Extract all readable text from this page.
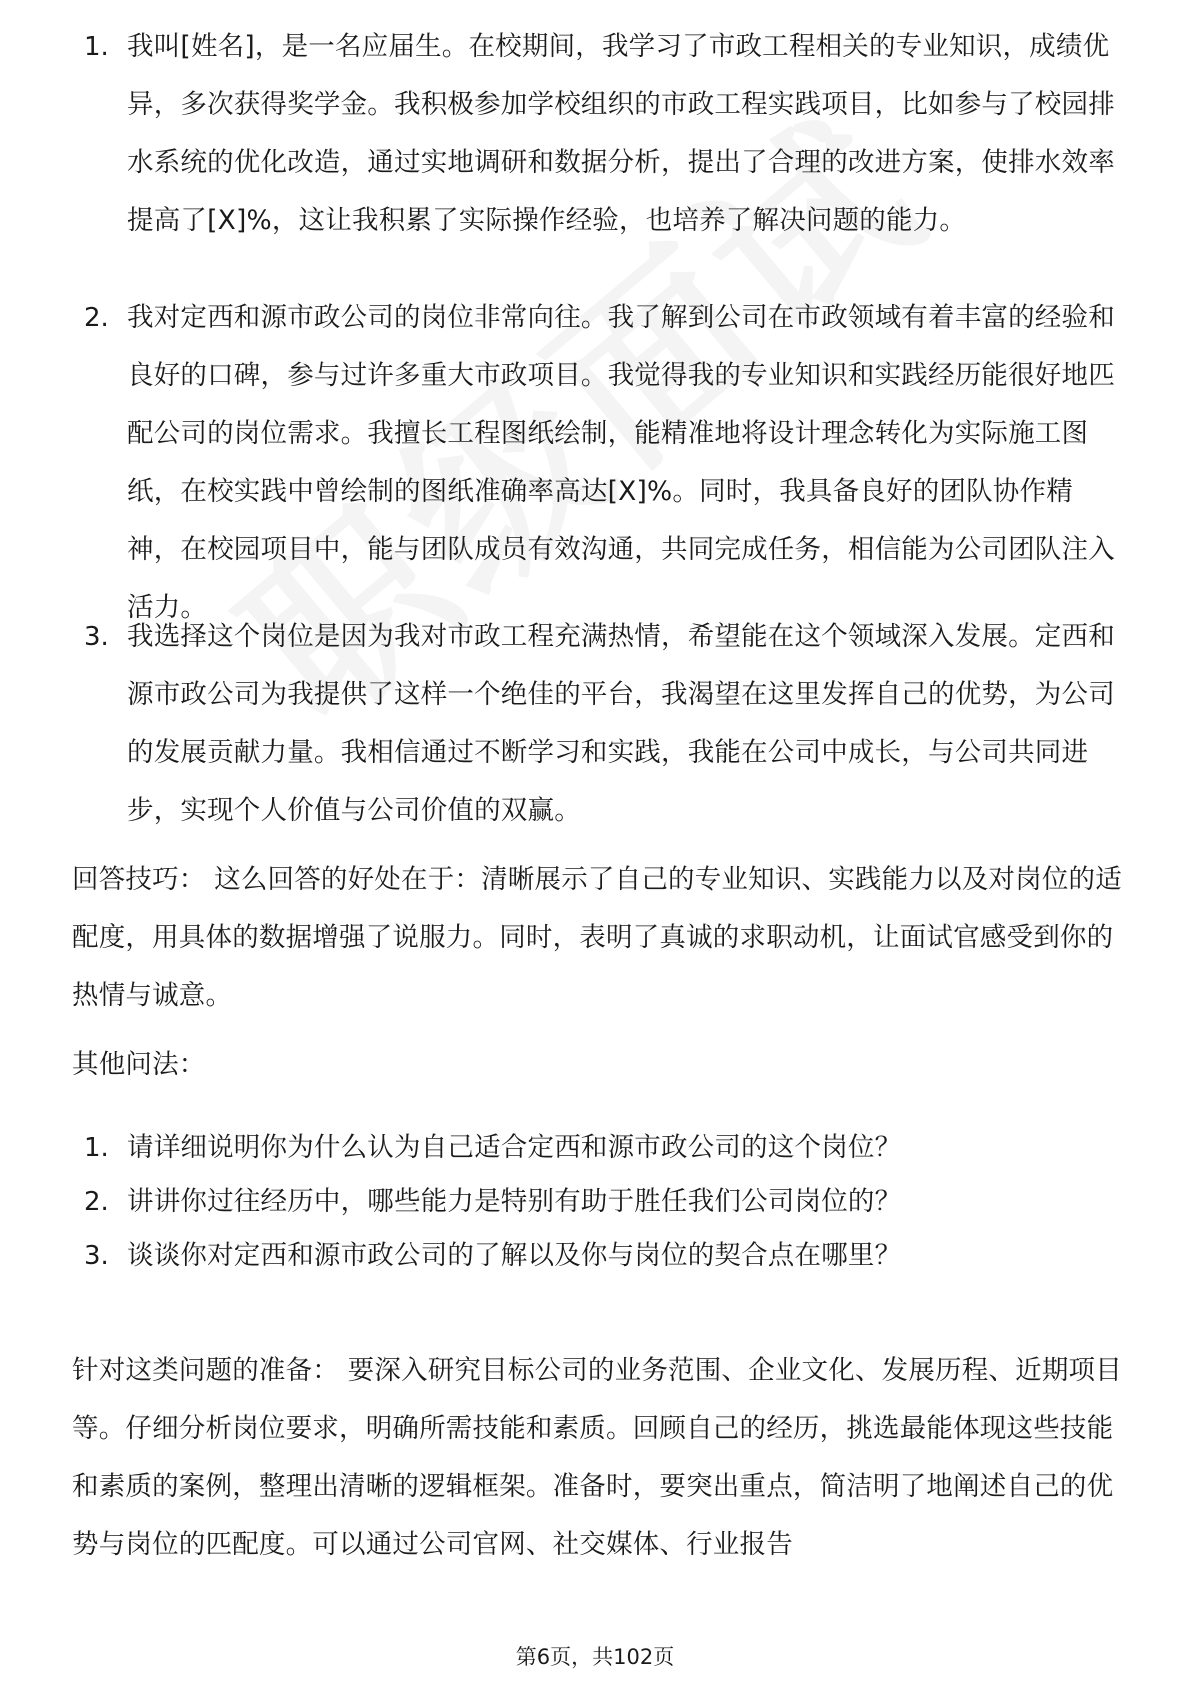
1. 我叫[姓名]，是一名应届生。在校期间，我学习了市政工程相关的专业知识，成绩优异，多次获得奖学金。我积极参加学校组织的市政工程实践项目，比如参与了校园排水系统的优化改造，通过实地调研和数据分析，提出了合理的改进方案，使排水效率提高了[X]%，这让我积累了实际操作经验，也培养了解决问题的能力。
2. 我对定西和源市政公司的岗位非常向往。我了解到公司在市政领域有着丰富的经验和良好的口碑，参与过许多重大市政项目。我觉得我的专业知识和实践经历能很好地匹配公司的岗位需求。我擅长工程图纸绘制，能精准地将设计理念转化为实际施工图纸，在校实践中曾绘制的图纸准确率高达[X]%。同时，我具备良好的团队协作精神，在校园项目中，能与团队成员有效沟通，共同完成任务，相信能为公司团队注入活力。
3. 我选择这个岗位是因为我对市政工程充满热情，希望能在这个领域深入发展。定西和源市政公司为我提供了这样一个绝佳的平台，我渴望在这里发挥自己的优势，为公司的发展贡献力量。我相信通过不断学习和实践，我能在公司中成长，与公司共同进步，实现个人价值与公司价值的双赢。
回答技巧： 这么回答的好处在于：清晰展示了自己的专业知识、实践能力以及对岗位的适配度，用具体的数据增强了说服力。同时，表明了真诚的求职动机，让面试官感受到你的热情与诚意。
其他问法：
1. 请详细说明你为什么认为自己适合定西和源市政公司的这个岗位？
2. 讲讲你过往经历中，哪些能力是特别有助于胜任我们公司岗位的？
3. 谈谈你对定西和源市政公司的了解以及你与岗位的契合点在哪里？
针对这类问题的准备： 要深入研究目标公司的业务范围、企业文化、发展历程、近期项目等。仔细分析岗位要求，明确所需技能和素质。回顾自己的经历，挑选最能体现这些技能和素质的案例，整理出清晰的逻辑框架。准备时，要突出重点，简洁明了地阐述自己的优势与岗位的匹配度。可以通过公司官网、社交媒体、行业报告
第6页，共102页
